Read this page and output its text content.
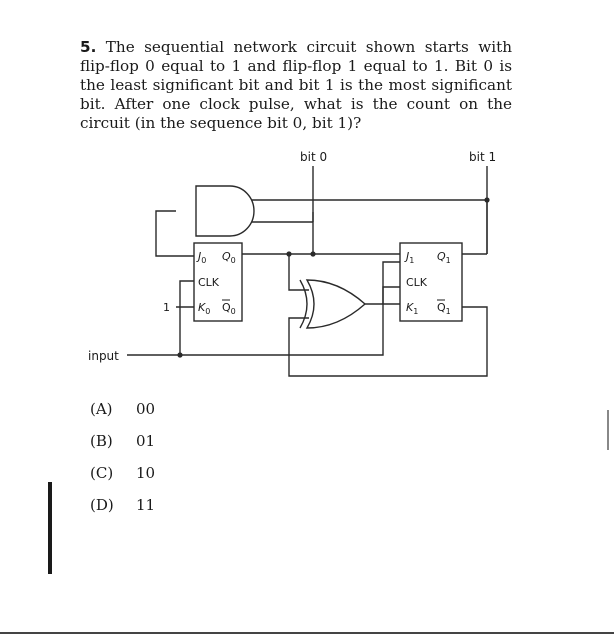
5. The sequential network circuit shown starts with flip-flop 0 equal to 1 and flip-flop 1 equal to 1. Bit 0 is the least significant bit and bit 1 is the most significant bit. After one clock pulse, what is the count on the circuit (in the sequence bit 0, bit 1)?

bit 0	bit 1
$J_0$ $Q_0$
CLK
$K_0$ $Q_0$
1
$J_1$ $Q_1$
CLK
$K_1$ $Q_1$
input
(A)	00
(B)	01
(C)	10
(D)	11
